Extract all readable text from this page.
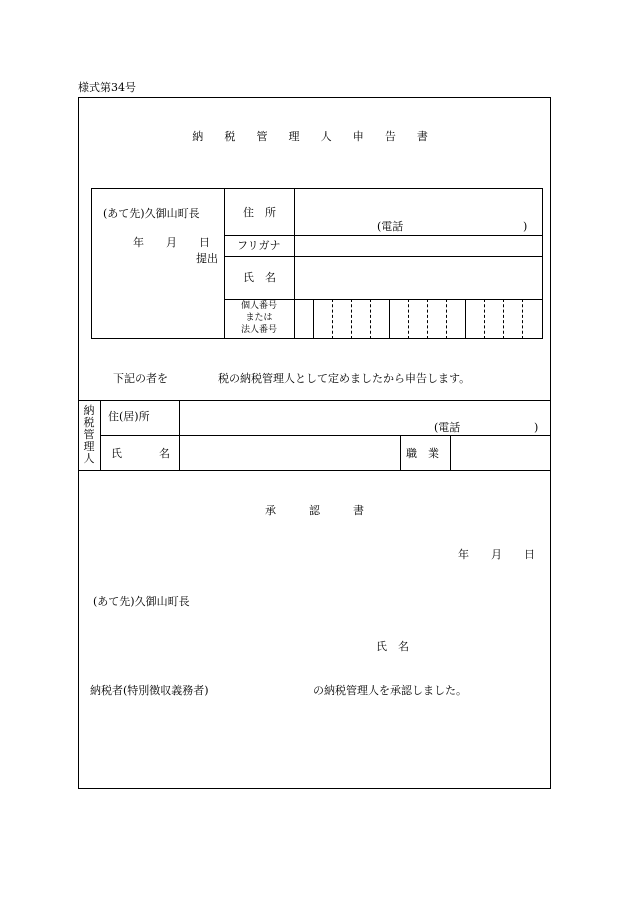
様式第34号
納 税 管 理 人 申 告 書
(あて先)久御山町長
年　　月　　日
提出
住　所
(電話	)
フリガナ
氏　名
個人番号
または
法人番号
下記の者を	税の納税管理人として定めましたから申告します。
納
税
管
理
人
住(居)所
(電話	)
氏	名	職　業
承　　　認　　　書
年　　月　　日
(あて先)久御山町長
氏　名
納税者(特別徴収義務者)	の納税管理人を承認しました。
